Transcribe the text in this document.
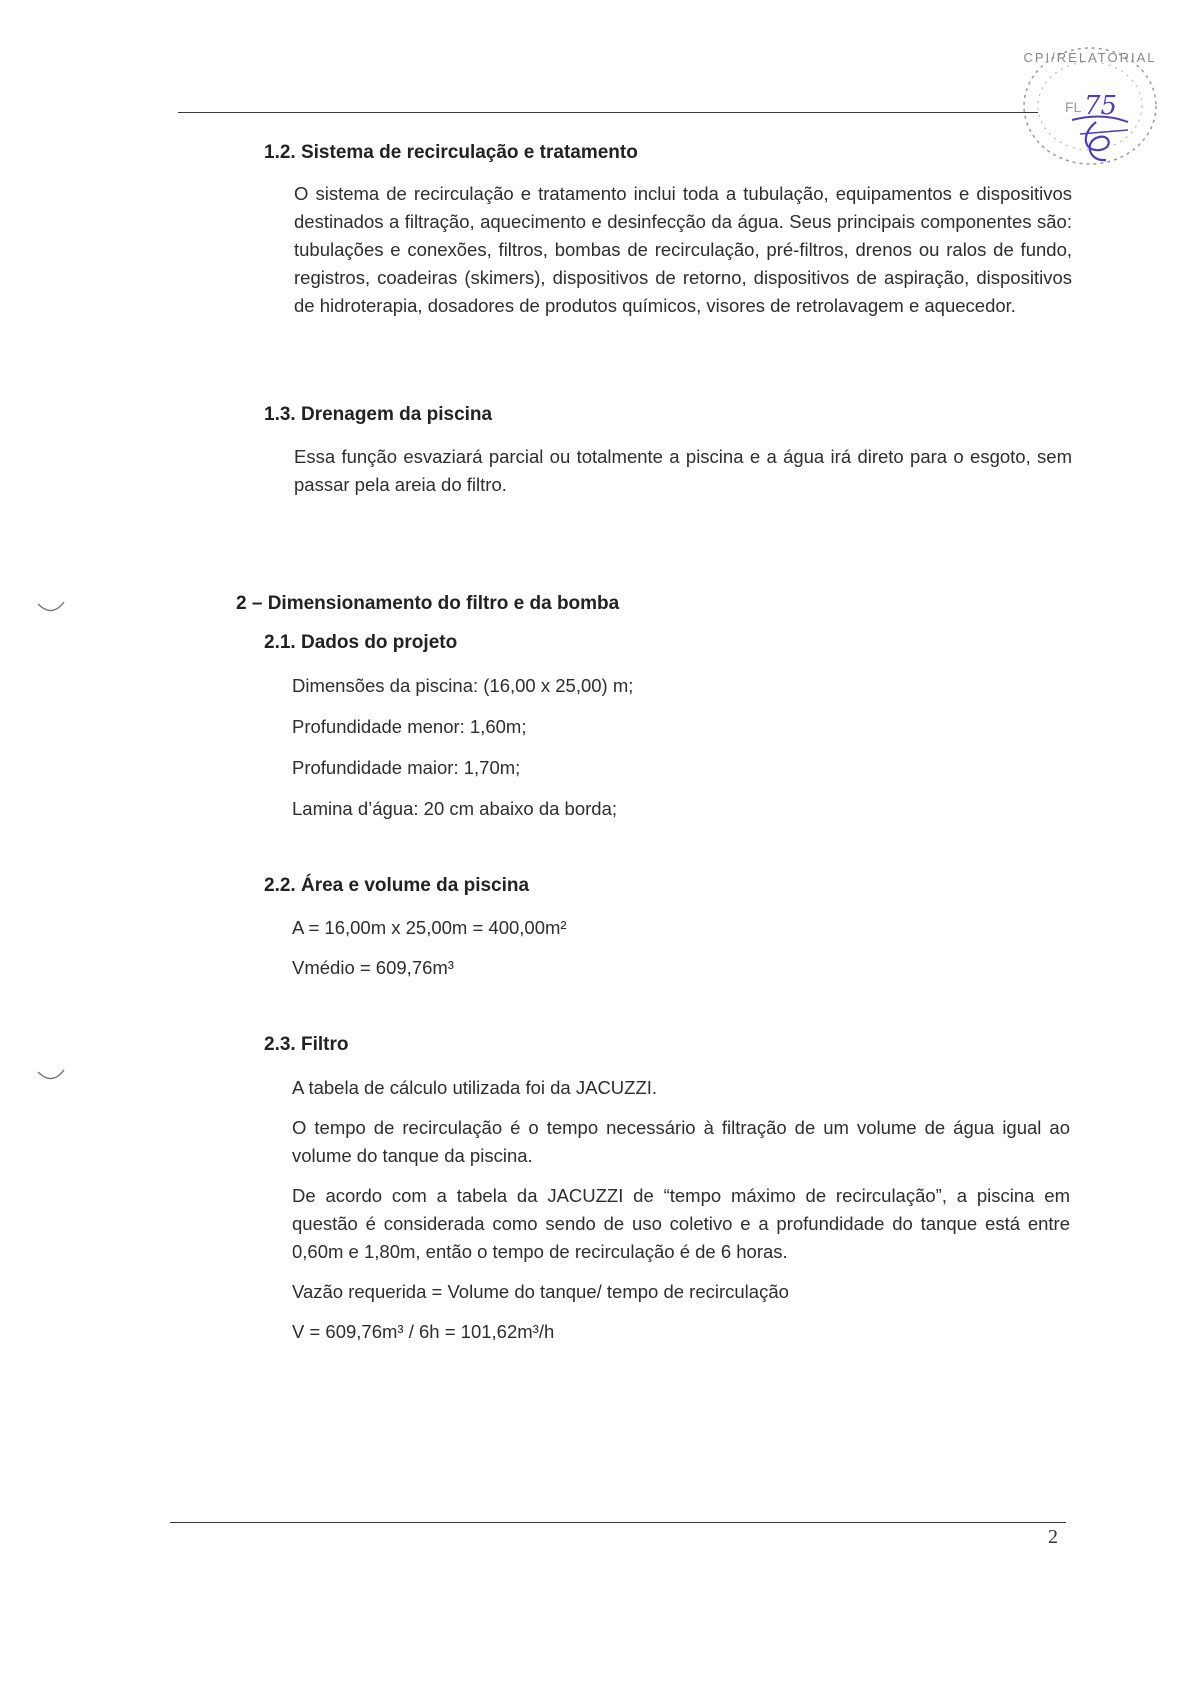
CPI/RELATORIAL
FL 75
1.2. Sistema de recirculação e tratamento

O sistema de recirculação e tratamento inclui toda a tubulação, equipamentos e dispositivos destinados a filtração, aquecimento e desinfecção da água. Seus principais componentes são: tubulações e conexões, filtros, bombas de recirculação, pré-filtros, drenos ou ralos de fundo, registros, coadeiras (skimers), dispositivos de retorno, dispositivos de aspiração, dispositivos de hidroterapia, dosadores de produtos químicos, visores de retrolavagem e aquecedor.

1.3. Drenagem da piscina

Essa função esvaziará parcial ou totalmente a piscina e a água irá direto para o esgoto, sem passar pela areia do filtro.

2 – Dimensionamento do filtro e da bomba
2.1. Dados do projeto

Dimensões da piscina: (16,00 x 25,00) m;

Profundidade menor: 1,60m;

Profundidade maior: 1,70m;

Lamina d’água: 20 cm abaixo da borda;

2.2. Área e volume da piscina

A = 16,00m x 25,00m = 400,00m²

Vmédio = 609,76m³

2.3. Filtro

A tabela de cálculo utilizada foi da JACUZZI.

O tempo de recirculação é o tempo necessário à filtração de um volume de água igual ao volume do tanque da piscina.

De acordo com a tabela da JACUZZI de “tempo máximo de recirculação”, a piscina em questão é considerada como sendo de uso coletivo e a profundidade do tanque está entre 0,60m e 1,80m, então o tempo de recirculação é de 6 horas.

Vazão requerida = Volume do tanque/ tempo de recirculação

V = 609,76m³ / 6h = 101,62m³/h

2
